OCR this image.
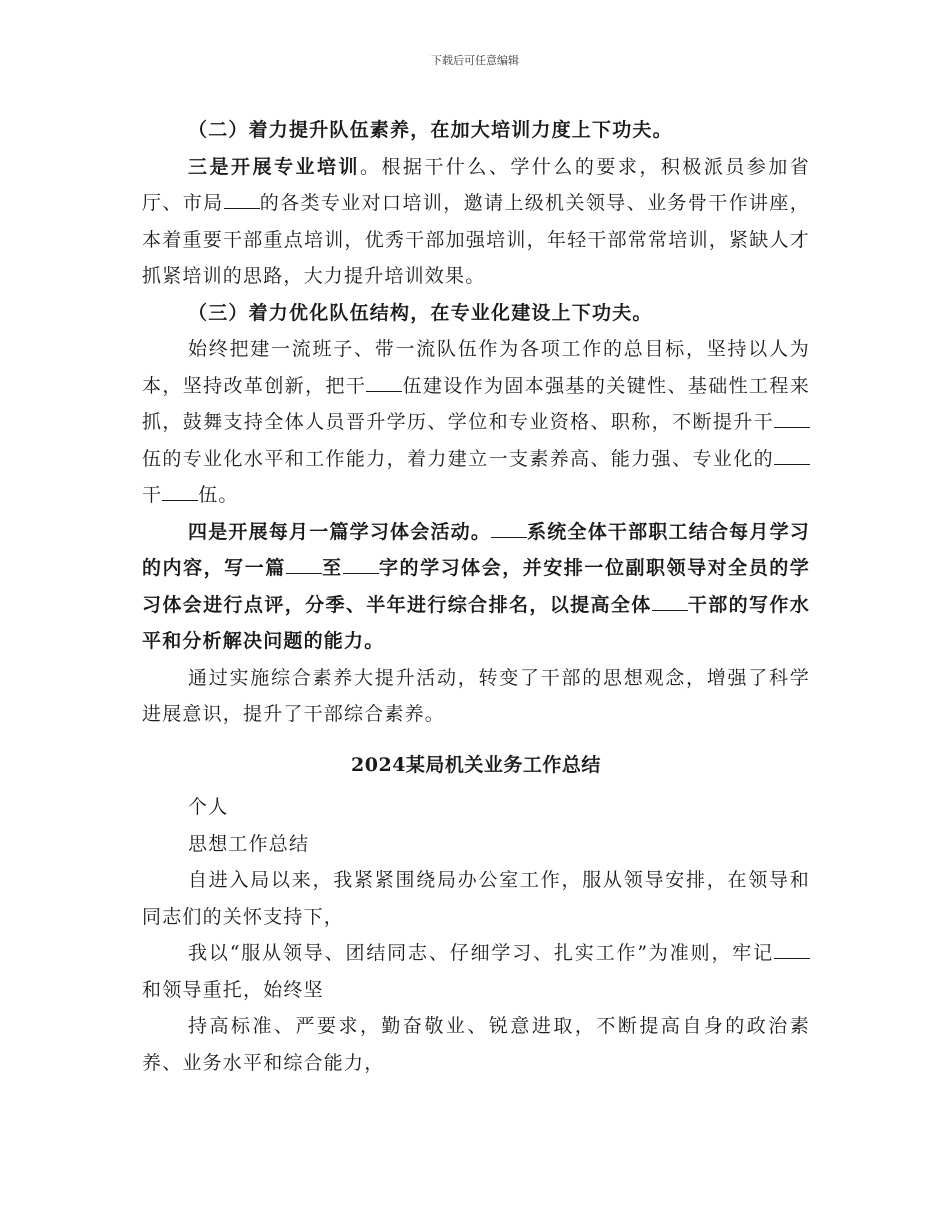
下载后可任意编辑

（二）着力提升队伍素养，在加大培训力度上下功夫。

三是开展专业培训。根据干什么、学什么的要求，积极派员参加省厅、市局 的各类专业对口培训，邀请上级机关领导、业务骨干作讲座，本着重要干部重点培训，优秀干部加强培训，年轻干部常常培训，紧缺人才抓紧培训的思路，大力提升培训效果。

（三）着力优化队伍结构，在专业化建设上下功夫。

始终把建一流班子、带一流队伍作为各项工作的总目标，坚持以人为本，坚持改革创新，把干 伍建设作为固本强基的关键性、基础性工程来抓，鼓舞支持全体人员晋升学历、学位和专业资格、职称，不断提升干伍的专业化水平和工作能力，着力建立一支素养高、能力强、专业化的干 伍。

四是开展每月一篇学习体会活动。 系统全体干部职工结合每月学习的内容，写一篇 至 字的学习体会，并安排一位副职领导对全员的学习体会进行点评，分季、半年进行综合排名，以提高全体 干部的写作水平和分析解决问题的能力。

通过实施综合素养大提升活动，转变了干部的思想观念，增强了科学进展意识，提升了干部综合素养。

2024某局机关业务工作总结

个人

思想工作总结

自进入局以来，我紧紧围绕局办公室工作，服从领导安排，在领导和同志们的关怀支持下，

我以“服从领导、团结同志、仔细学习、扎实工作”为准则，牢记和领导重托，始终坚

持高标准、严要求，勤奋敬业、锐意进取，不断提高自身的政治素养、业务水平和综合能力，
